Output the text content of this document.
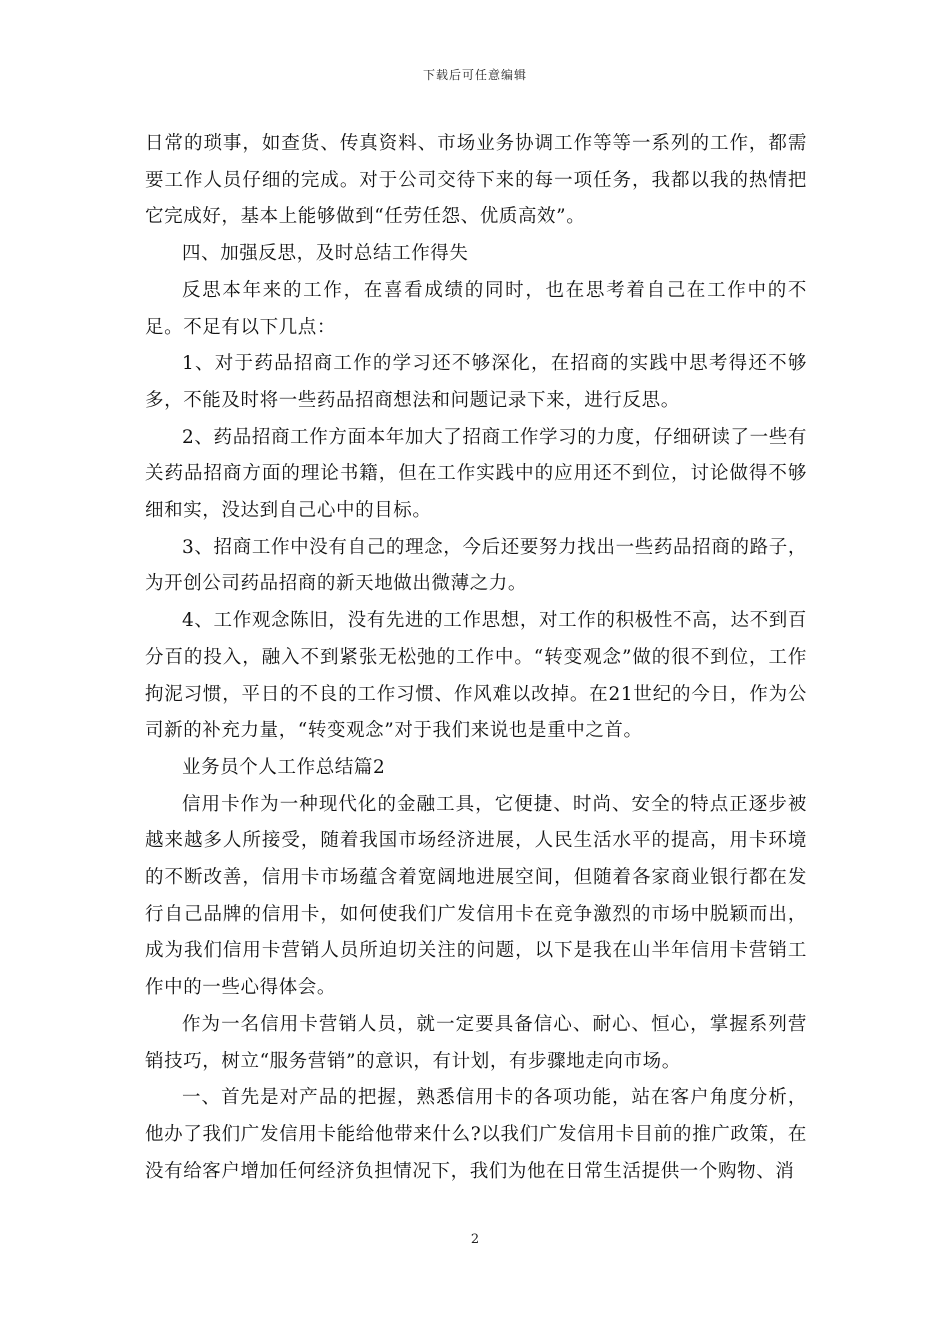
下载后可任意编辑

日常的琐事，如查货、传真资料、市场业务协调工作等等一系列的工作，都需要工作人员仔细的完成。对于公司交待下来的每一项任务，我都以我的热情把它完成好，基本上能够做到“任劳任怨、优质高效”。

四、加强反思，及时总结工作得失

反思本年来的工作，在喜看成绩的同时，也在思考着自己在工作中的不足。不足有以下几点：

1、对于药品招商工作的学习还不够深化，在招商的实践中思考得还不够多，不能及时将一些药品招商想法和问题记录下来，进行反思。

2、药品招商工作方面本年加大了招商工作学习的力度，仔细研读了一些有关药品招商方面的理论书籍，但在工作实践中的应用还不到位，讨论做得不够细和实，没达到自己心中的目标。

3、招商工作中没有自己的理念，今后还要努力找出一些药品招商的路子，为开创公司药品招商的新天地做出微薄之力。

4、工作观念陈旧，没有先进的工作思想，对工作的积极性不高，达不到百分百的投入，融入不到紧张无松弛的工作中。“转变观念”做的很不到位，工作拘泥习惯，平日的不良的工作习惯、作风难以改掉。在21世纪的今日，作为公司新的补充力量，“转变观念”对于我们来说也是重中之首。

业务员个人工作总结篇2

信用卡作为一种现代化的金融工具，它便捷、时尚、安全的特点正逐步被越来越多人所接受，随着我国市场经济进展，人民生活水平的提高，用卡环境的不断改善，信用卡市场蕴含着宽阔地进展空间，但随着各家商业银行都在发行自己品牌的信用卡，如何使我们广发信用卡在竞争激烈的市场中脱颖而出，成为我们信用卡营销人员所迫切关注的问题，以下是我在山半年信用卡营销工作中的一些心得体会。

作为一名信用卡营销人员，就一定要具备信心、耐心、恒心，掌握系列营销技巧，树立“服务营销”的意识，有计划，有步骤地走向市场。

一、首先是对产品的把握，熟悉信用卡的各项功能，站在客户角度分析，他办了我们广发信用卡能给他带来什么?以我们广发信用卡目前的推广政策，在没有给客户增加任何经济负担情况下，我们为他在日常生活提供一个购物、消

2
